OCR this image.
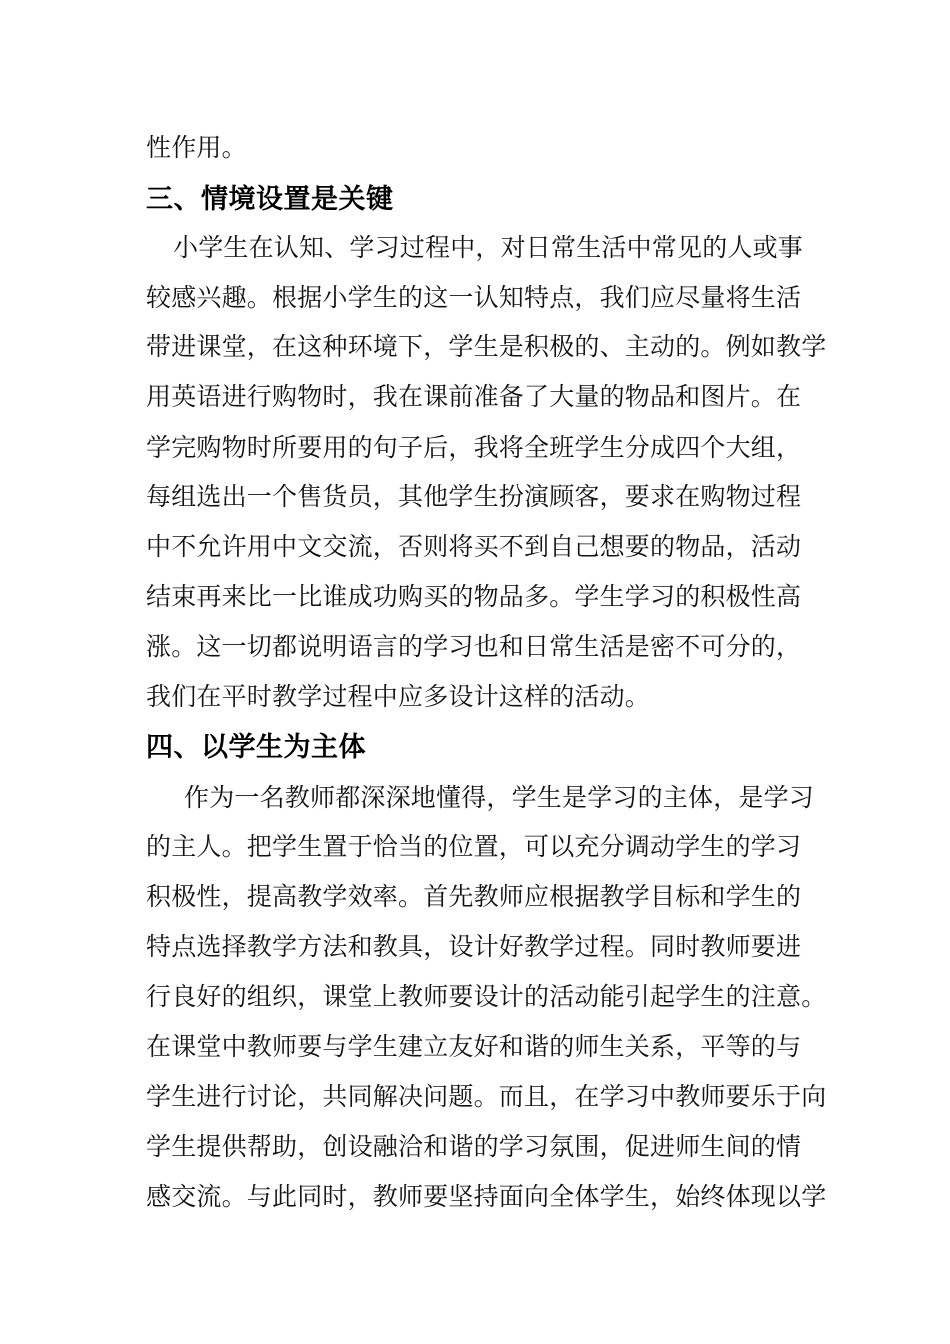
性作用。
三、情境设置是关键
小学生在认知、学习过程中，对日常生活中常见的人或事
较感兴趣。根据小学生的这一认知特点，我们应尽量将生活
带进课堂，在这种环境下，学生是积极的、主动的。例如教学
用英语进行购物时，我在课前准备了大量的物品和图片。在
学完购物时所要用的句子后，我将全班学生分成四个大组，
每组选出一个售货员，其他学生扮演顾客，要求在购物过程
中不允许用中文交流，否则将买不到自己想要的物品，活动
结束再来比一比谁成功购买的物品多。学生学习的积极性高
涨。这一切都说明语言的学习也和日常生活是密不可分的，
我们在平时教学过程中应多设计这样的活动。
四、以学生为主体
作为一名教师都深深地懂得，学生是学习的主体，是学习
的主人。把学生置于恰当的位置，可以充分调动学生的学习
积极性，提高教学效率。首先教师应根据教学目标和学生的
特点选择教学方法和教具，设计好教学过程。同时教师要进
行良好的组织，课堂上教师要设计的活动能引起学生的注意。
在课堂中教师要与学生建立友好和谐的师生关系，平等的与
学生进行讨论，共同解决问题。而且，在学习中教师要乐于向
学生提供帮助，创设融洽和谐的学习氛围，促进师生间的情
感交流。与此同时，教师要坚持面向全体学生，始终体现以学
